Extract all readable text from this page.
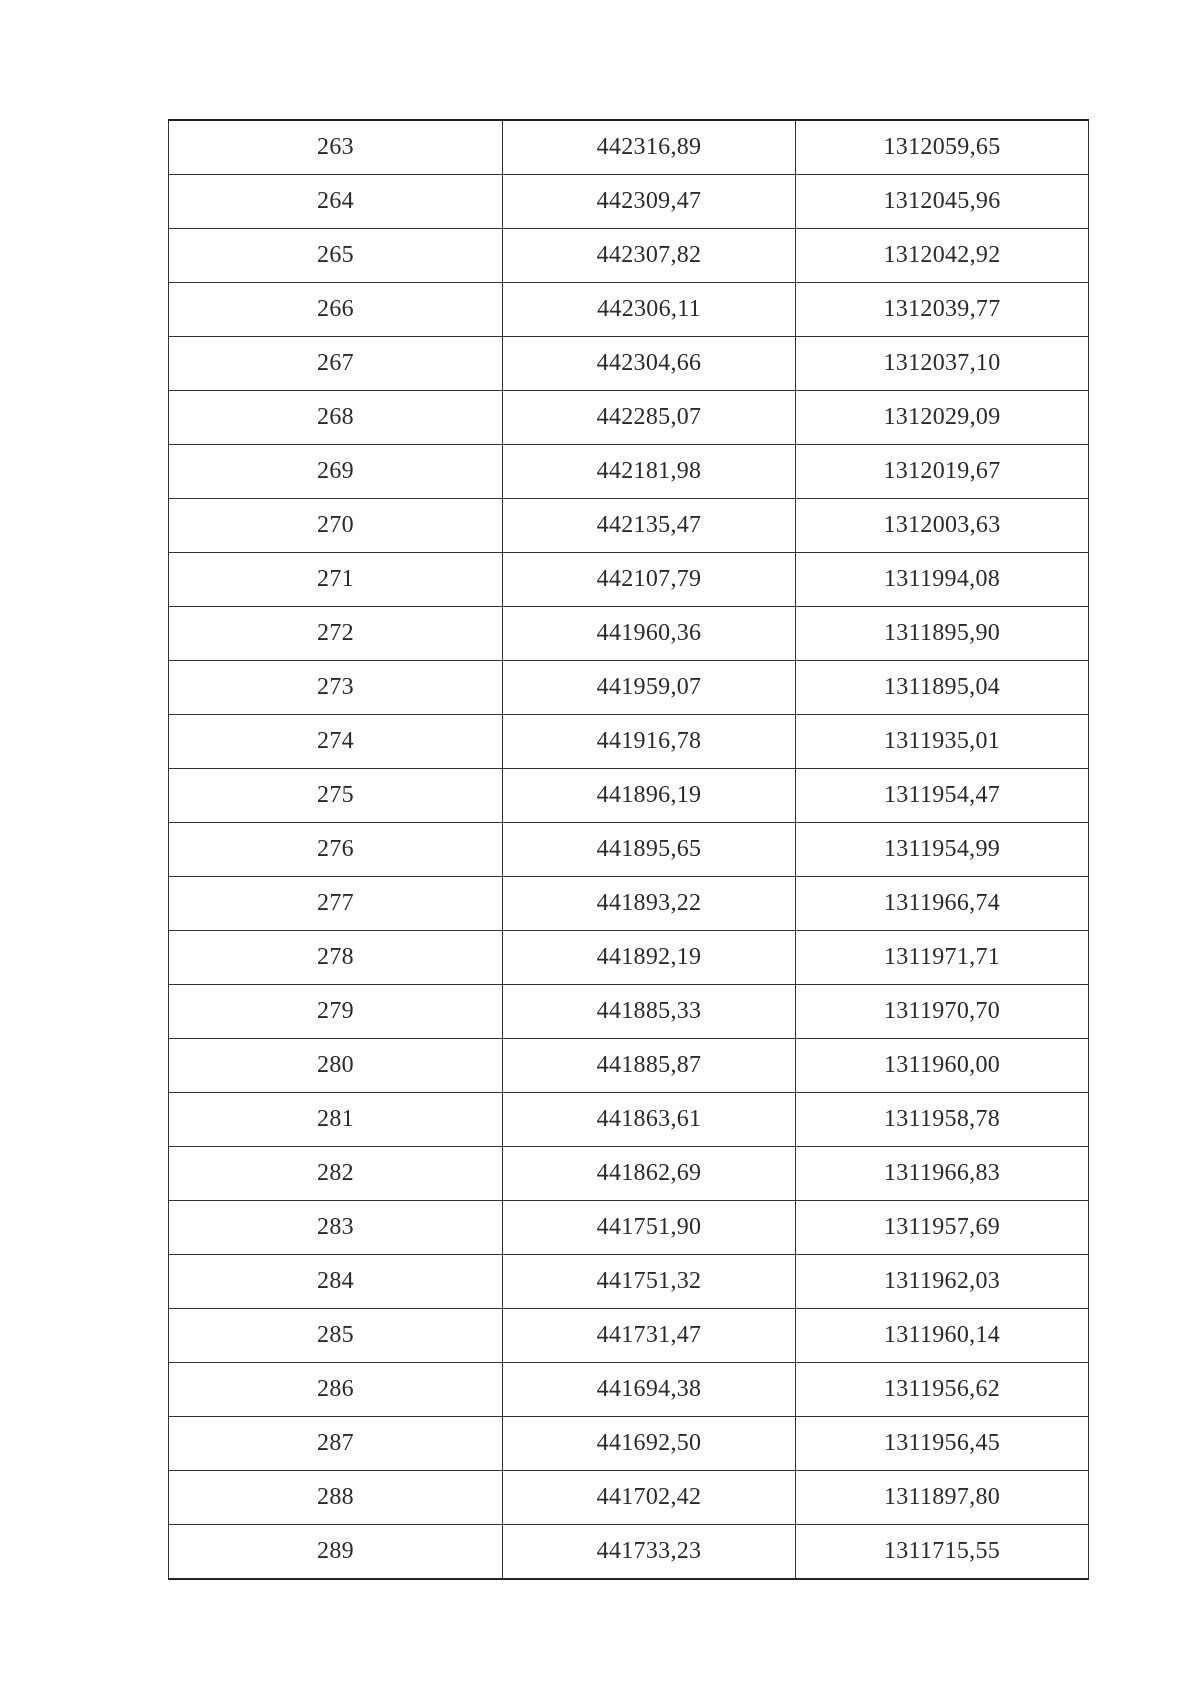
263	442316,89	1312059,65
264	442309,47	1312045,96
265	442307,82	1312042,92
266	442306,11	1312039,77
267	442304,66	1312037,10
268	442285,07	1312029,09
269	442181,98	1312019,67
270	442135,47	1312003,63
271	442107,79	1311994,08
272	441960,36	1311895,90
273	441959,07	1311895,04
274	441916,78	1311935,01
275	441896,19	1311954,47
276	441895,65	1311954,99
277	441893,22	1311966,74
278	441892,19	1311971,71
279	441885,33	1311970,70
280	441885,87	1311960,00
281	441863,61	1311958,78
282	441862,69	1311966,83
283	441751,90	1311957,69
284	441751,32	1311962,03
285	441731,47	1311960,14
286	441694,38	1311956,62
287	441692,50	1311956,45
288	441702,42	1311897,80
289	441733,23	1311715,55
